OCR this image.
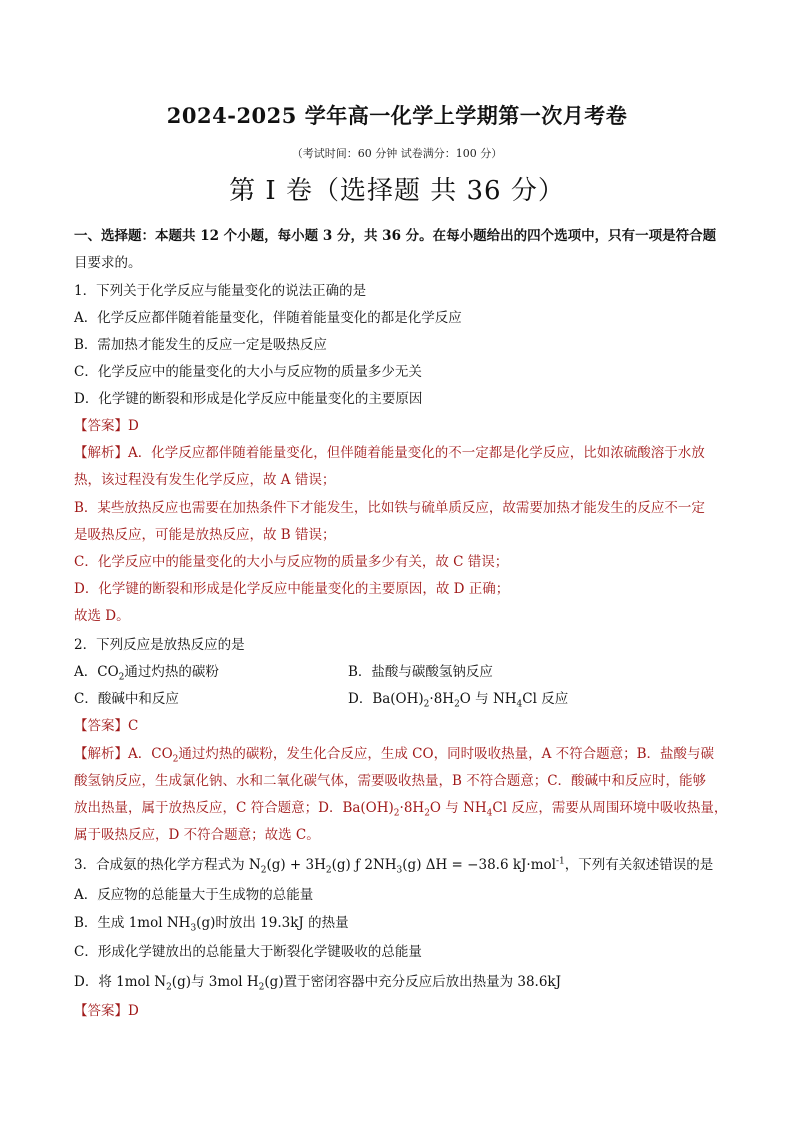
2024-2025 学年高一化学上学期第一次月考卷
（考试时间：60 分钟 试卷满分：100 分）
第 I 卷（选择题 共 36 分）
一、选择题：本题共 12 个小题，每小题 3 分，共 36 分。在每小题给出的四个选项中，只有一项是符合题
目要求的。
1．下列关于化学反应与能量变化的说法正确的是
A．化学反应都伴随着能量变化，伴随着能量变化的都是化学反应
B．需加热才能发生的反应一定是吸热反应
C．化学反应中的能量变化的大小与反应物的质量多少无关
D．化学键的断裂和形成是化学反应中能量变化的主要原因
【答案】D
【解析】A．化学反应都伴随着能量变化，但伴随着能量变化的不一定都是化学反应，比如浓硫酸溶于水放
热，该过程没有发生化学反应，故 A 错误；
B．某些放热反应也需要在加热条件下才能发生，比如铁与硫单质反应，故需要加热才能发生的反应不一定
是吸热反应，可能是放热反应，故 B 错误；
C．化学反应中的能量变化的大小与反应物的质量多少有关，故 C 错误；
D．化学键的断裂和形成是化学反应中能量变化的主要原因，故 D 正确；
故选 D。
2．下列反应是放热反应的是
A．$CO_2$通过灼热的碳粉	B．盐酸与碳酸氢钠反应
C．酸碱中和反应	D．$Ba(OH)_2\cdot 8H_2O$ 与 $NH_4Cl$ 反应
【答案】C
【解析】A．$CO_2$通过灼热的碳粉，发生化合反应，生成 CO，同时吸收热量，A 不符合题意；B．盐酸与碳
酸氢钠反应，生成氯化钠、水和二氧化碳气体，需要吸收热量，B 不符合题意；C．酸碱中和反应时，能够
放出热量，属于放热反应，C 符合题意；D．$Ba(OH)_2\cdot 8H_2O$ 与 $NH_4Cl$ 反应，需要从周围环境中吸收热量，
属于吸热反应，D 不符合题意；故选 C。
3．合成氨的热化学方程式为 $N_2(g) + 3H_2(g)$ ƒ $2NH_3(g) \Delta H = -38.6$ kJ·mol$^{-1}$，下列有关叙述错误的是
A．反应物的总能量大于生成物的总能量
B．生成 1mol $NH_3(g)$时放出 19.3kJ 的热量
C．形成化学键放出的总能量大于断裂化学键吸收的总能量
D．将 1mol $N_2(g)$与 3mol $H_2(g)$置于密闭容器中充分反应后放出热量为 38.6kJ
【答案】D
